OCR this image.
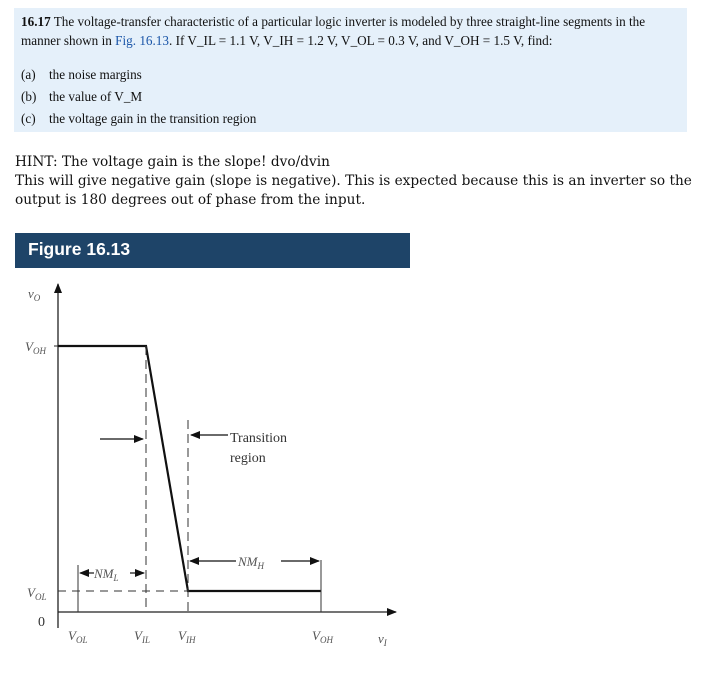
16.17 The voltage-transfer characteristic of a particular logic inverter is modeled by three straight-line segments in the manner shown in Fig. 16.13. If V_IL = 1.1 V, V_IH = 1.2 V, V_OL = 0.3 V, and V_OH = 1.5 V, find:
(a) the noise margins
(b) the value of V_M
(c) the voltage gain in the transition region
HINT: The voltage gain is the slope! dvo/dvin
This will give negative gain (slope is negative). This is expected because this is an inverter so the
output is 180 degrees out of phase from the input.
Figure 16.13
$v_O$
$v_I$
$V_{OH}$
$V_{OL}$
0
Transition
region
$NM_L$
$NM_H$
$V_{OL}$	$V_{IL}$ $V_{IH}$	$V_{OH}$
